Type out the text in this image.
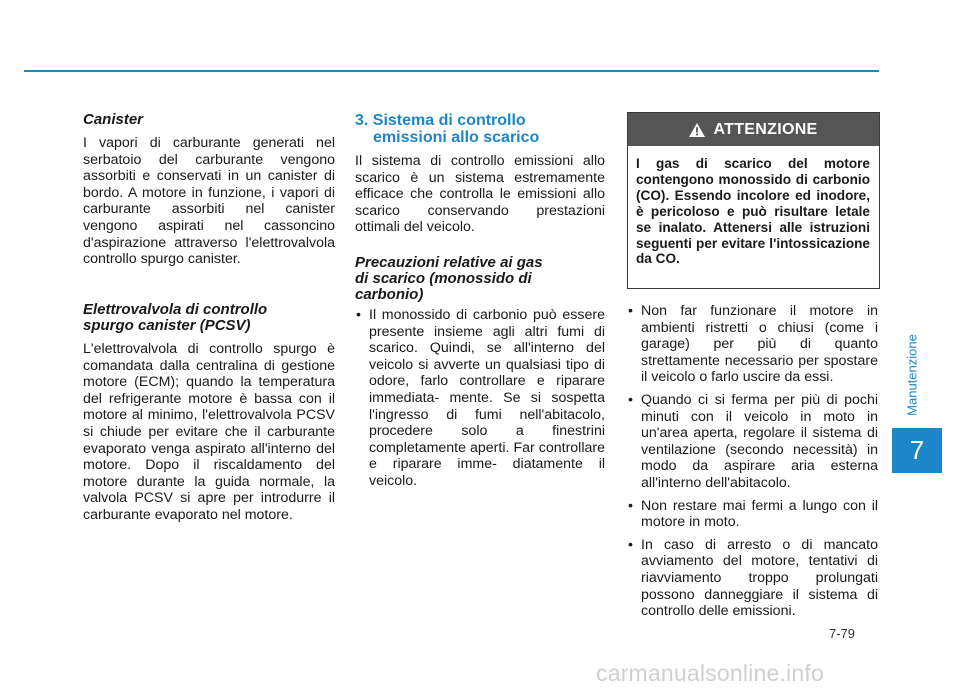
Canister

I vapori di carburante generati nel serbatoio del carburante vengono assorbiti e conservati in un canister di bordo. A motore in funzione, i vapori di carburante assorbiti nel canister vengono aspirati nel cassoncino d'aspirazione attraverso l'elettrovalvola controllo spurgo canister.

Elettrovalvola di controllo
spurgo canister (PCSV)

L'elettrovalvola di controllo spurgo è comandata dalla centralina di gestione motore (ECM); quando la temperatura del refrigerante motore è bassa con il motore al minimo, l'elettrovalvola PCSV si chiude per evitare che il carburante evaporato venga aspirato all'interno del motore. Dopo il riscaldamento del motore durante la guida normale, la valvola PCSV si apre per introdurre il carburante evaporato nel motore.

3. Sistema di controllo
emissioni allo scarico

Il sistema di controllo emissioni allo scarico è un sistema estremamente efficace che controlla le emissioni allo scarico conservando prestazioni ottimali del veicolo.

Precauzioni relative ai gas
di scarico (monossido di
carbonio)
• Il monossido di carbonio può essere presente insieme agli altri fumi di scarico. Quindi, se all'interno del veicolo si avverte un qualsiasi tipo di odore, farlo controllare e riparare immediata- mente. Se si sospetta l'ingresso di fumi nell'abitacolo, procedere solo a finestrini completamente aperti. Far controllare e riparare imme- diatamente il veicolo.
ATTENZIONE
I gas di scarico del motore contengono monossido di carbonio (CO). Essendo incolore ed inodore, è pericoloso e può risultare letale se inalato. Attenersi alle istruzioni seguenti per evitare l'intossicazione da CO.
• Non far funzionare il motore in ambienti ristretti o chiusi (come i garage) per più di quanto strettamente necessario per spostare il veicolo o farlo uscire da essi.
• Quando ci si ferma per più di pochi minuti con il veicolo in moto in un'area aperta, regolare il sistema di ventilazione (secondo necessità) in modo da aspirare aria esterna all'interno dell'abitacolo.
• Non restare mai fermi a lungo con il motore in moto.
• In caso di arresto o di mancato avviamento del motore, tentativi di riavviamento troppo prolungati possono danneggiare il sistema di controllo delle emissioni.
Manutenzione
7
7-79
carmanualsonline.info
